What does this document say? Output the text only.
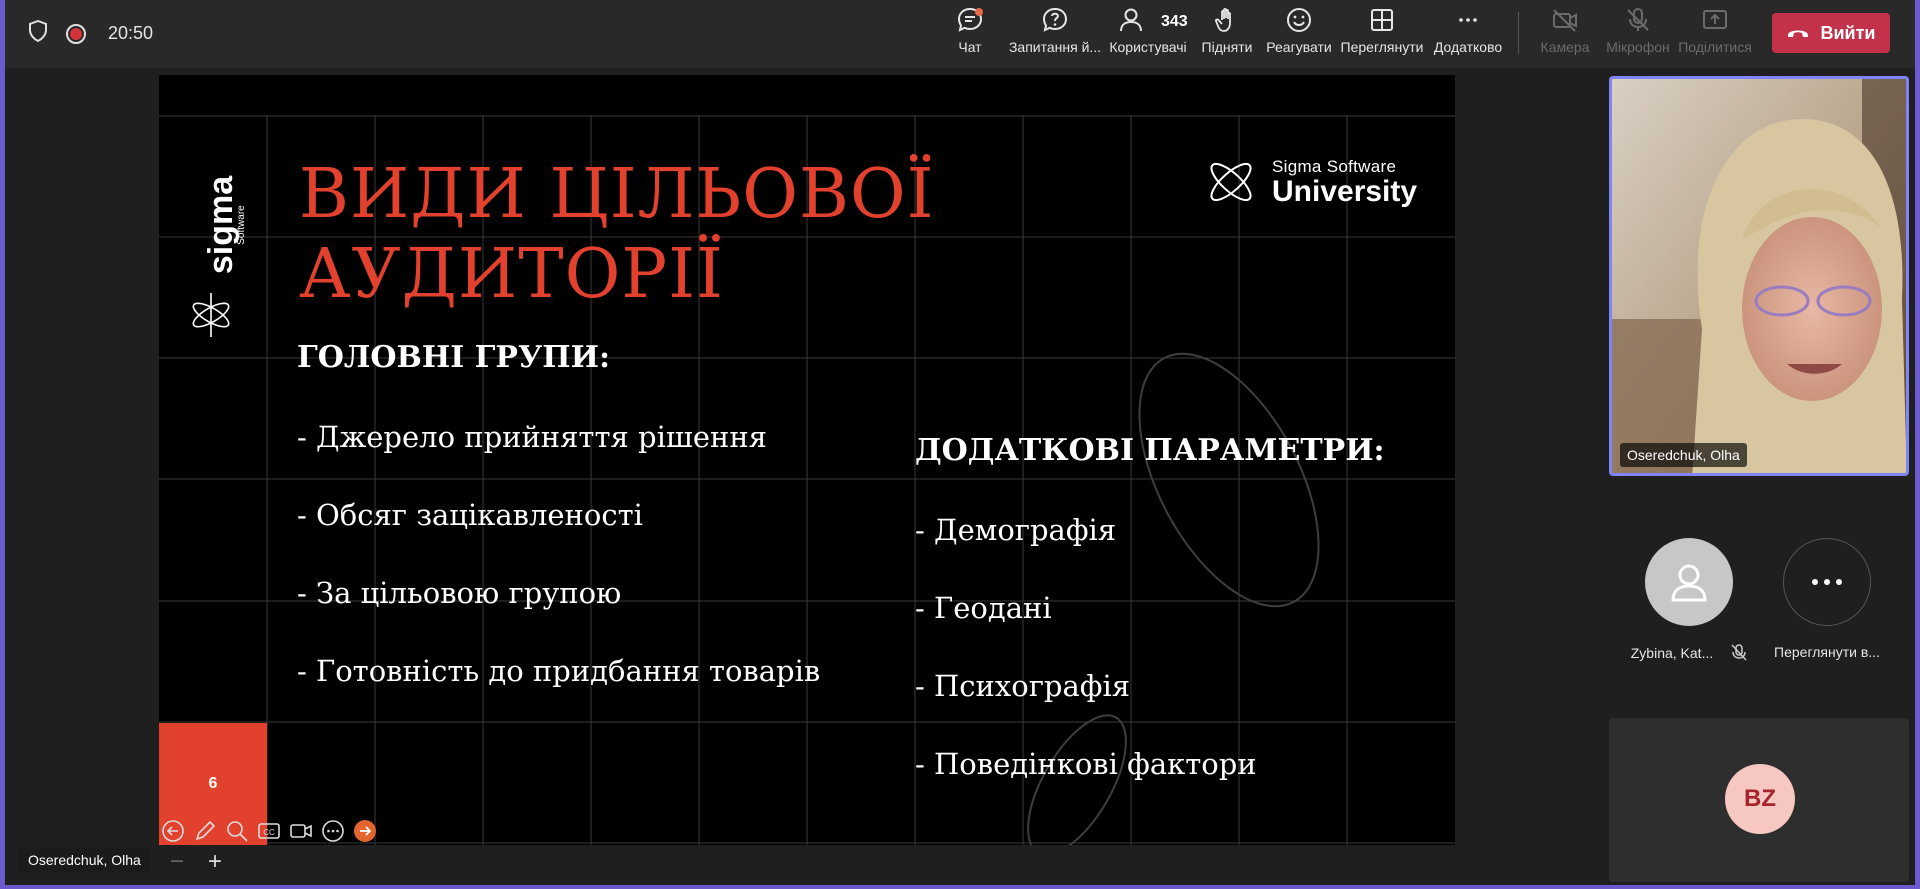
20:50
Чат Запитання й...
343
Користувачі Підняти Реагувати Переглянути Додатково	Камера Мікрофон Поділитися
Вийти
sigma
Software ВИДИ ЦІЛЬОВОЇ
АУДИТОРІЇ
Sigma Software
University
ГОЛОВНІ ГРУПИ:
- Джерело прийняття рішення
- Обсяг зацікавленості
- За цільовою групою
- Готовність до придбання товарів
ДОДАТКОВІ ПАРАМЕТРИ:
- Демографія
- Геодані
- Психографія
- Поведінкові фактори
6
CC
− +
Oseredchuk, Olha
Oseredchuk, Olha
Zybina, Kat...	Переглянути в...
BZ
